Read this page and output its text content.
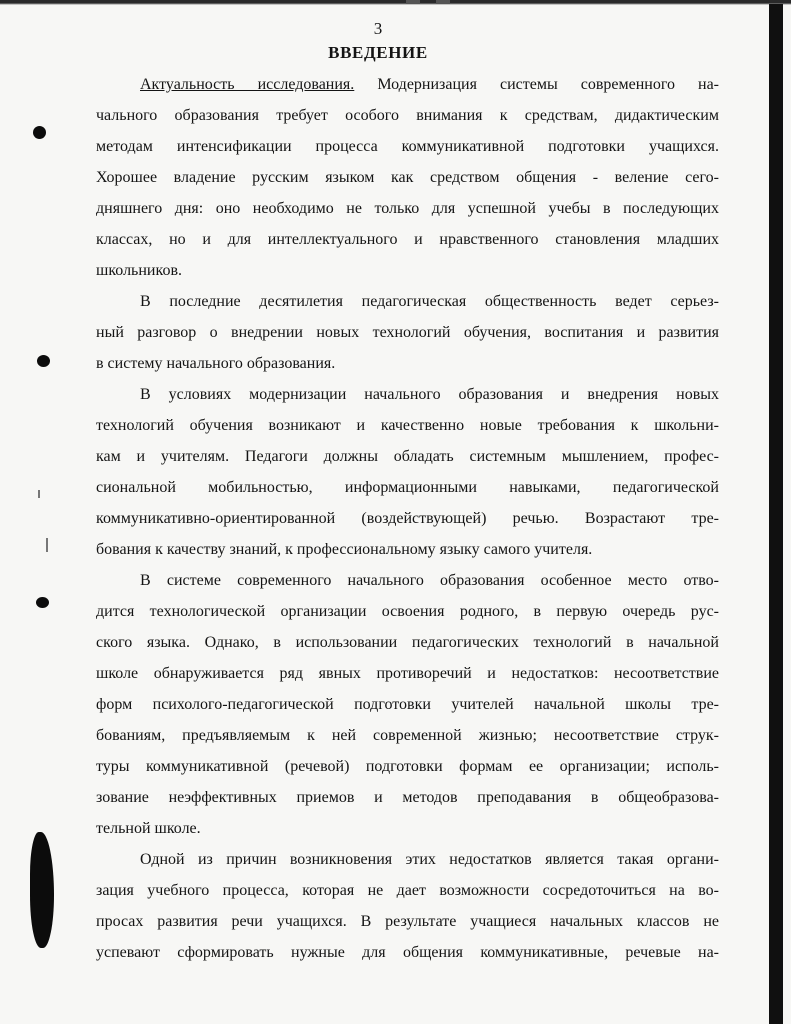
3
ВВЕДЕНИЕ
Актуальность исследования. Модернизация системы современного на-
чального образования требует особого внимания к средствам, дидактическим
методам интенсификации процесса коммуникативной подготовки учащихся.
Хорошее владение русским языком как средством общения - веление сего-
дняшнего дня: оно необходимо не только для успешной учебы в последующих
классах, но и для интеллектуального и нравственного становления младших
школьников.
В последние десятилетия педагогическая общественность ведет серьез-
ный разговор о внедрении новых технологий обучения, воспитания и развития
в систему начального образования.
В условиях модернизации начального образования и внедрения новых
технологий обучения возникают и качественно новые требования к школьни-
кам и учителям. Педагоги должны обладать системным мышлением, профес-
сиональной мобильностью, информационными навыками, педагогической
коммуникативно-ориентированной (воздействующей) речью. Возрастают тре-
бования к качеству знаний, к профессиональному языку самого учителя.
В системе современного начального образования особенное место отво-
дится технологической организации освоения родного, в первую очередь рус-
ского языка. Однако, в использовании педагогических технологий в начальной
школе обнаруживается ряд явных противоречий и недостатков: несоответствие
форм психолого-педагогической подготовки учителей начальной школы тре-
бованиям, предъявляемым к ней современной жизнью; несоответствие струк-
туры коммуникативной (речевой) подготовки формам ее организации; исполь-
зование неэффективных приемов и методов преподавания в общеобразова-
тельной школе.
Одной из причин возникновения этих недостатков является такая органи-
зация учебного процесса, которая не дает возможности сосредоточиться на во-
просах развития речи учащихся. В результате учащиеся начальных классов не
успевают сформировать нужные для общения коммуникативные, речевые на-
